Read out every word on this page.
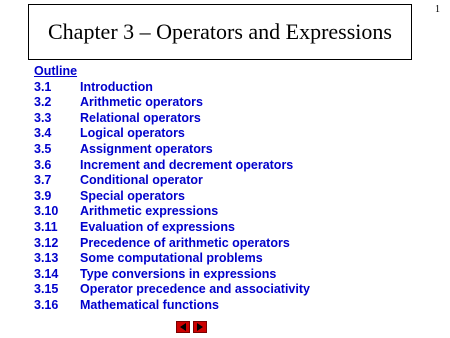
1
Chapter 3 – Operators and Expressions
Outline
3.1	Introduction
3.2	Arithmetic operators
3.3	Relational operators
3.4	Logical operators
3.5	Assignment operators
3.6	Increment and decrement operators
3.7	Conditional operator
3.9	Special operators
3.10	Arithmetic expressions
3.11	Evaluation of expressions
3.12	Precedence of arithmetic operators
3.13	Some computational problems
3.14	Type conversions in expressions
3.15	Operator precedence and associativity
3.16	Mathematical functions
